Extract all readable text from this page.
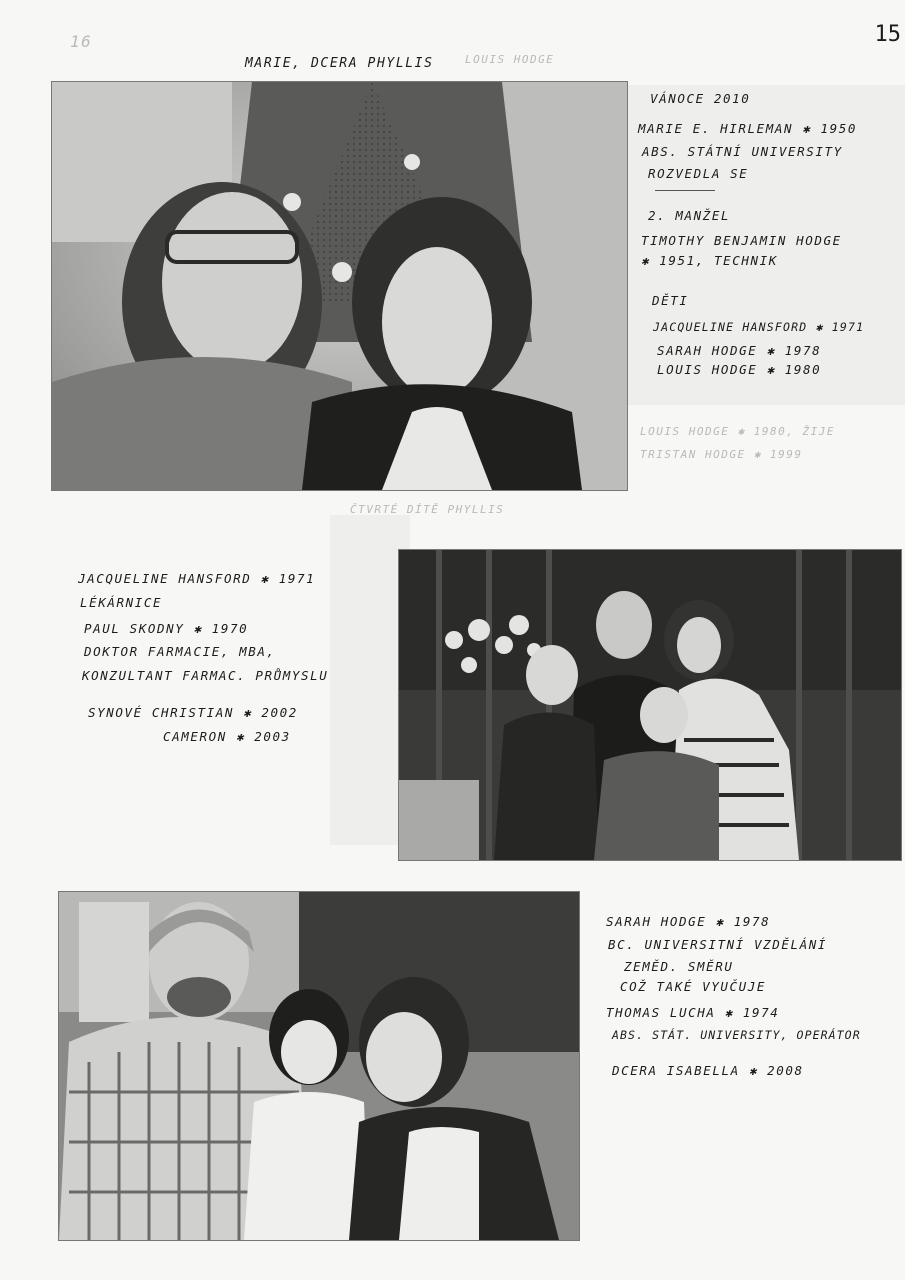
LOUIS HODGE
LOUIS HODGE ✱ 1980, ŽIJE
TRISTAN HODGE ✱ 1999
ČTVRTÉ DÍTĚ PHYLLIS
15
16
MARIE, DCERA PHYLLIS
VÁNOCE 2010
MARIE E. HIRLEMAN ✱ 1950
ABS. STÁTNÍ UNIVERSITY
ROZVEDLA SE
2. MANŽEL
TIMOTHY BENJAMIN HODGE
✱ 1951, TECHNIK
DĚTI
JACQUELINE HANSFORD ✱ 1971
SARAH HODGE ✱ 1978
LOUIS HODGE ✱ 1980
JACQUELINE HANSFORD ✱ 1971
LÉKÁRNICE
PAUL SKODNY ✱ 1970
DOKTOR FARMACIE, MBA,
KONZULTANT FARMAC. PRŮMYSLU
SYNOVÉ CHRISTIAN ✱ 2002
CAMERON ✱ 2003
SARAH HODGE ✱ 1978
BC. UNIVERSITNÍ VZDĚLÁNÍ
ZEMĚD. SMĚRU
COŽ TAKÉ VYUČUJE
THOMAS LUCHA ✱ 1974
ABS. STÁT. UNIVERSITY, OPERÁTOR
DCERA ISABELLA ✱ 2008
